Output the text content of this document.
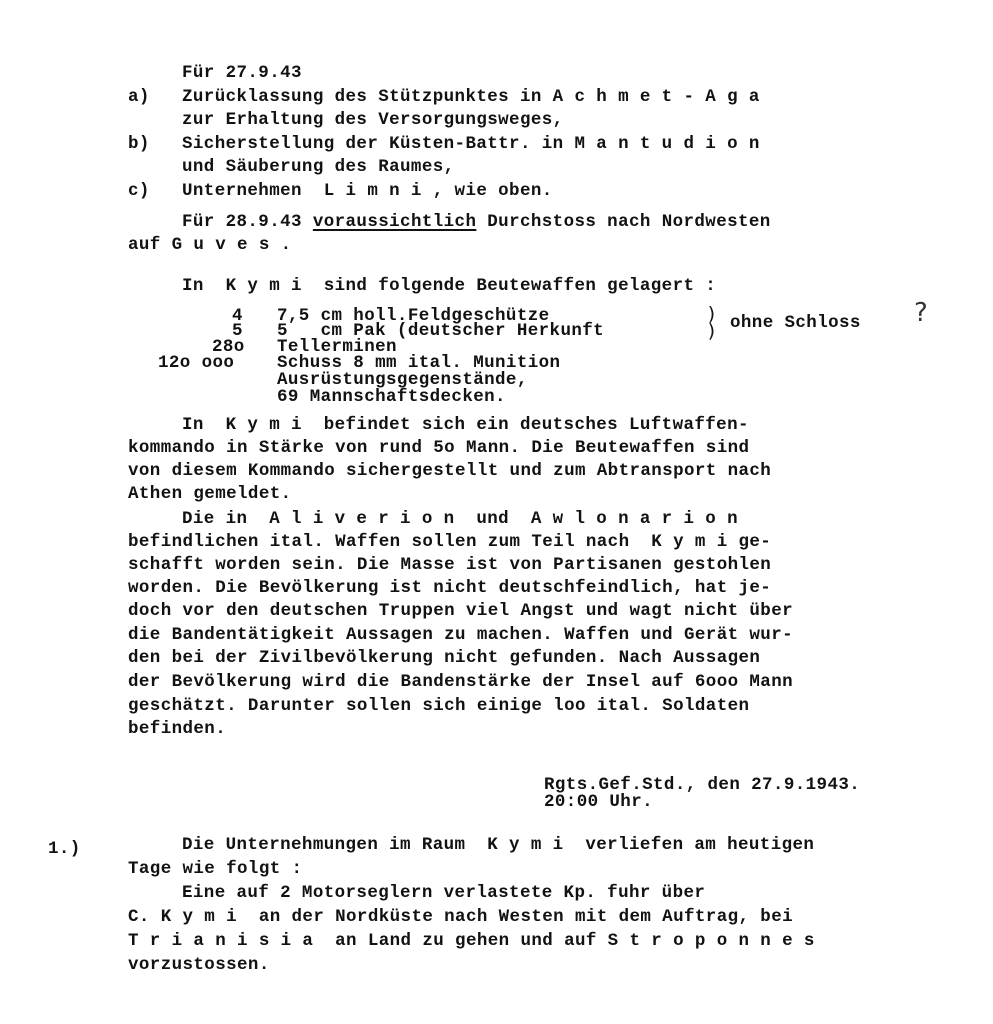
Für 27.9.43
a) Zurücklassung des Stützpunktes in A c h m e t - A g a
zur Erhaltung des Versorgungsweges,
b) Sicherstellung der Küsten-Battr. in M a n t u d i o n
und Säuberung des Raumes,
c) Unternehmen  L i m n i , wie oben.
Für 28.9.43 voraussichtlich Durchstoss nach Nordwesten
auf G u v e s .
In  K y m i  sind folgende Beutewaffen gelagert :
4 7,5 cm holl.Feldgeschütze
5 5   cm Pak (deutscher Herkunft
28o Tellerminen
12o ooo Schuss 8 mm ital. Munition
Ausrüstungsgegenstände,
69 Mannschaftsdecken.
)
) ohne Schloss ?
In  K y m i  befindet sich ein deutsches Luftwaffen-
kommando in Stärke von rund 5o Mann. Die Beutewaffen sind
von diesem Kommando sichergestellt und zum Abtransport nach
Athen gemeldet.
Die in  A l i v e r i o n  und  A w l o n a r i o n
befindlichen ital. Waffen sollen zum Teil nach  K y m i ge-
schafft worden sein. Die Masse ist von Partisanen gestohlen
worden. Die Bevölkerung ist nicht deutschfeindlich, hat je-
doch vor den deutschen Truppen viel Angst und wagt nicht über
die Bandentätigkeit Aussagen zu machen. Waffen und Gerät wur-
den bei der Zivilbevölkerung nicht gefunden. Nach Aussagen
der Bevölkerung wird die Bandenstärke der Insel auf 6ooo Mann
geschätzt. Darunter sollen sich einige loo ital. Soldaten
befinden.
Rgts.Gef.Std., den 27.9.1943.
20:00 Uhr.
1.)	Die Unternehmungen im Raum  K y m i  verliefen am heutigen
Tage wie folgt :
Eine auf 2 Motorseglern verlastete Kp. fuhr über
C. K y m i  an der Nordküste nach Westen mit dem Auftrag, bei
T r i a n i s i a  an Land zu gehen und auf S t r o p o n n e s
vorzustossen.
